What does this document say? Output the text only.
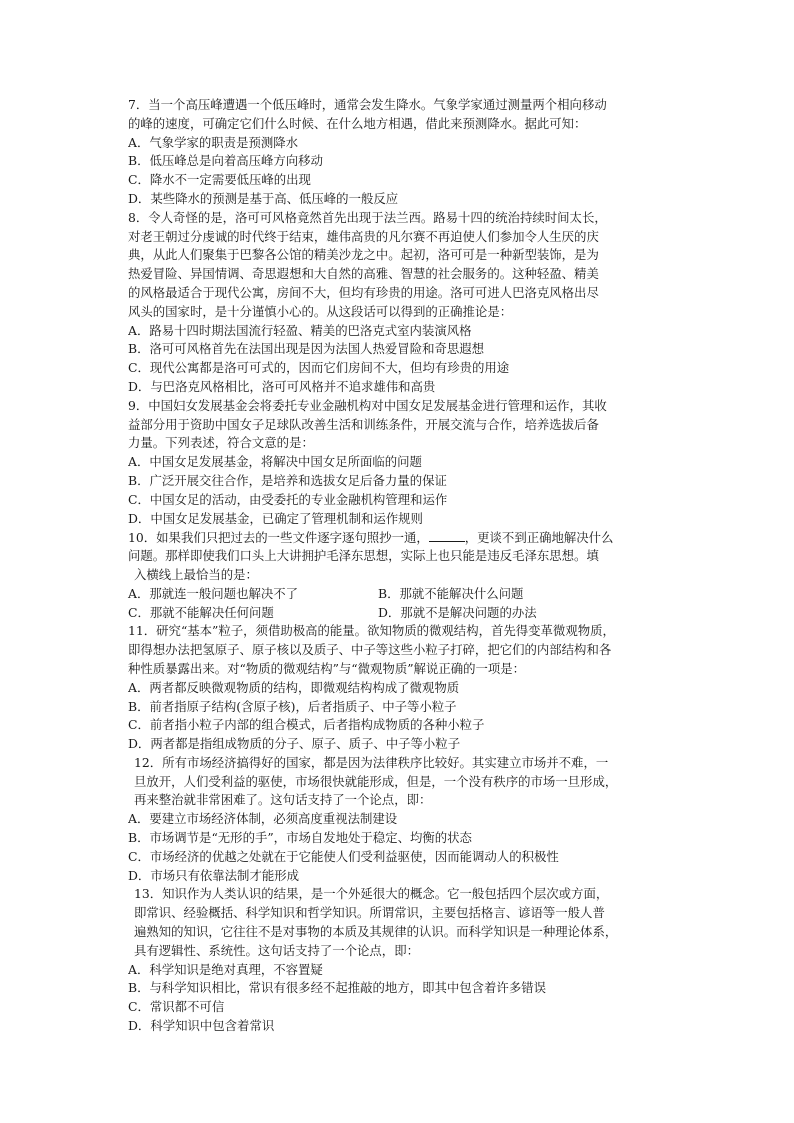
7．当一个高压峰遭遇一个低压峰时，通常会发生降水。气象学家通过测量两个相向移动
的峰的速度，可确定它们什么时候、在什么地方相遇，借此来预测降水。据此可知：
A．气象学家的职责是预测降水
B．低压峰总是向着高压峰方向移动
C．降水不一定需要低压峰的出现
D．某些降水的预测是基于高、低压峰的一般反应
8．令人奇怪的是，洛可可风格竟然首先出现于法兰西。路易十四的统治持续时间太长，
对老王朝过分虔诚的时代终于结束，雄伟高贵的凡尔赛不再迫使人们参加令人生厌的庆
典，从此人们聚集于巴黎各公馆的精美沙龙之中。起初，洛可可是一种新型装饰，是为
热爱冒险、异国情调、奇思遐想和大自然的高雅、智慧的社会服务的。这种轻盈、精美
的风格最适合于现代公寓，房间不大，但均有珍贵的用途。洛可可进人巴洛克风格出尽
风头的国家时，是十分谨慎小心的。从这段话可以得到的正确推论是：
A．路易十四时期法国流行轻盈、精美的巴洛克式室内装演风格
B．洛可可风格首先在法国出现是因为法国人热爱冒险和奇思遐想
C．现代公寓都是洛可可式的，因而它们房间不大，但均有珍贵的用途
D．与巴洛克风格相比，洛可可风格并不追求雄伟和高贵
9．中国妇女发展基金会将委托专业金融机构对中国女足发展基金进行管理和运作，其收
益部分用于资助中国女子足球队改善生活和训练条件，开展交流与合作，培养选拔后备
力量。下列表述，符合文意的是：
A．中国女足发展基金，将解决中国女足所面临的问题
B．广泛开展交往合作，是培养和选拔女足后备力量的保证
C．中国女足的活动，由受委托的专业金融机构管理和运作
D．中国女足发展基金，已确定了管理机制和运作规则
10．如果我们只把过去的一些文件逐字逐句照抄一通，	，更谈不到正确地解决什么
问题。那样即使我们口头上大讲拥护毛泽东思想，实际上也只能是违反毛泽东思想。填
入横线上最恰当的是：
A．那就连一般问题也解决不了	B．那就不能解决什么问题
C．那就不能解决任何问题	D．那就不是解决问题的办法
11．研究“基本”粒子，须借助极高的能量。欲知物质的微观结构，首先得变革微观物质，
即得想办法把氢原子、原子核以及质子、中子等这些小粒子打碎，把它们的内部结构和各
种性质暴露出来。对“物质的微观结构”与“微观物质”解说正确的一项是：
A．两者都反映微观物质的结构，即微观结构构成了微观物质
B．前者指原子结构(含原子核)，后者指质子、中子等小粒子
C．前者指小粒子内部的组合模式，后者指构成物质的各种小粒子
D．两者都是指组成物质的分子、原子、质子、中子等小粒子
12．所有市场经济搞得好的国家，都是因为法律秩序比较好。其实建立市场并不难，一
旦放开，人们受利益的驱使，市场很快就能形成，但是，一个没有秩序的市场一旦形成，
再来整治就非常困难了。这句话支持了一个论点，即：
A．要建立市场经济体制，必须高度重视法制建设
B．市场调节是“无形的手”，市场自发地处于稳定、均衡的状态
C．市场经济的优越之处就在于它能使人们受利益驱使，因而能调动人的积极性
D．市场只有依靠法制才能形成
13．知识作为人类认识的结果，是一个外延很大的概念。它一般包括四个层次或方面，
即常识、经验概括、科学知识和哲学知识。所谓常识，主要包括格言、谚语等一般人普
遍熟知的知识，它往往不是对事物的本质及其规律的认识。而科学知识是一种理论体系，
具有逻辑性、系统性。这句话支持了一个论点，即：
A．科学知识是绝对真理，不容置疑
B．与科学知识相比，常识有很多经不起推敲的地方，即其中包含着许多错误
C．常识都不可信
D．科学知识中包含着常识
